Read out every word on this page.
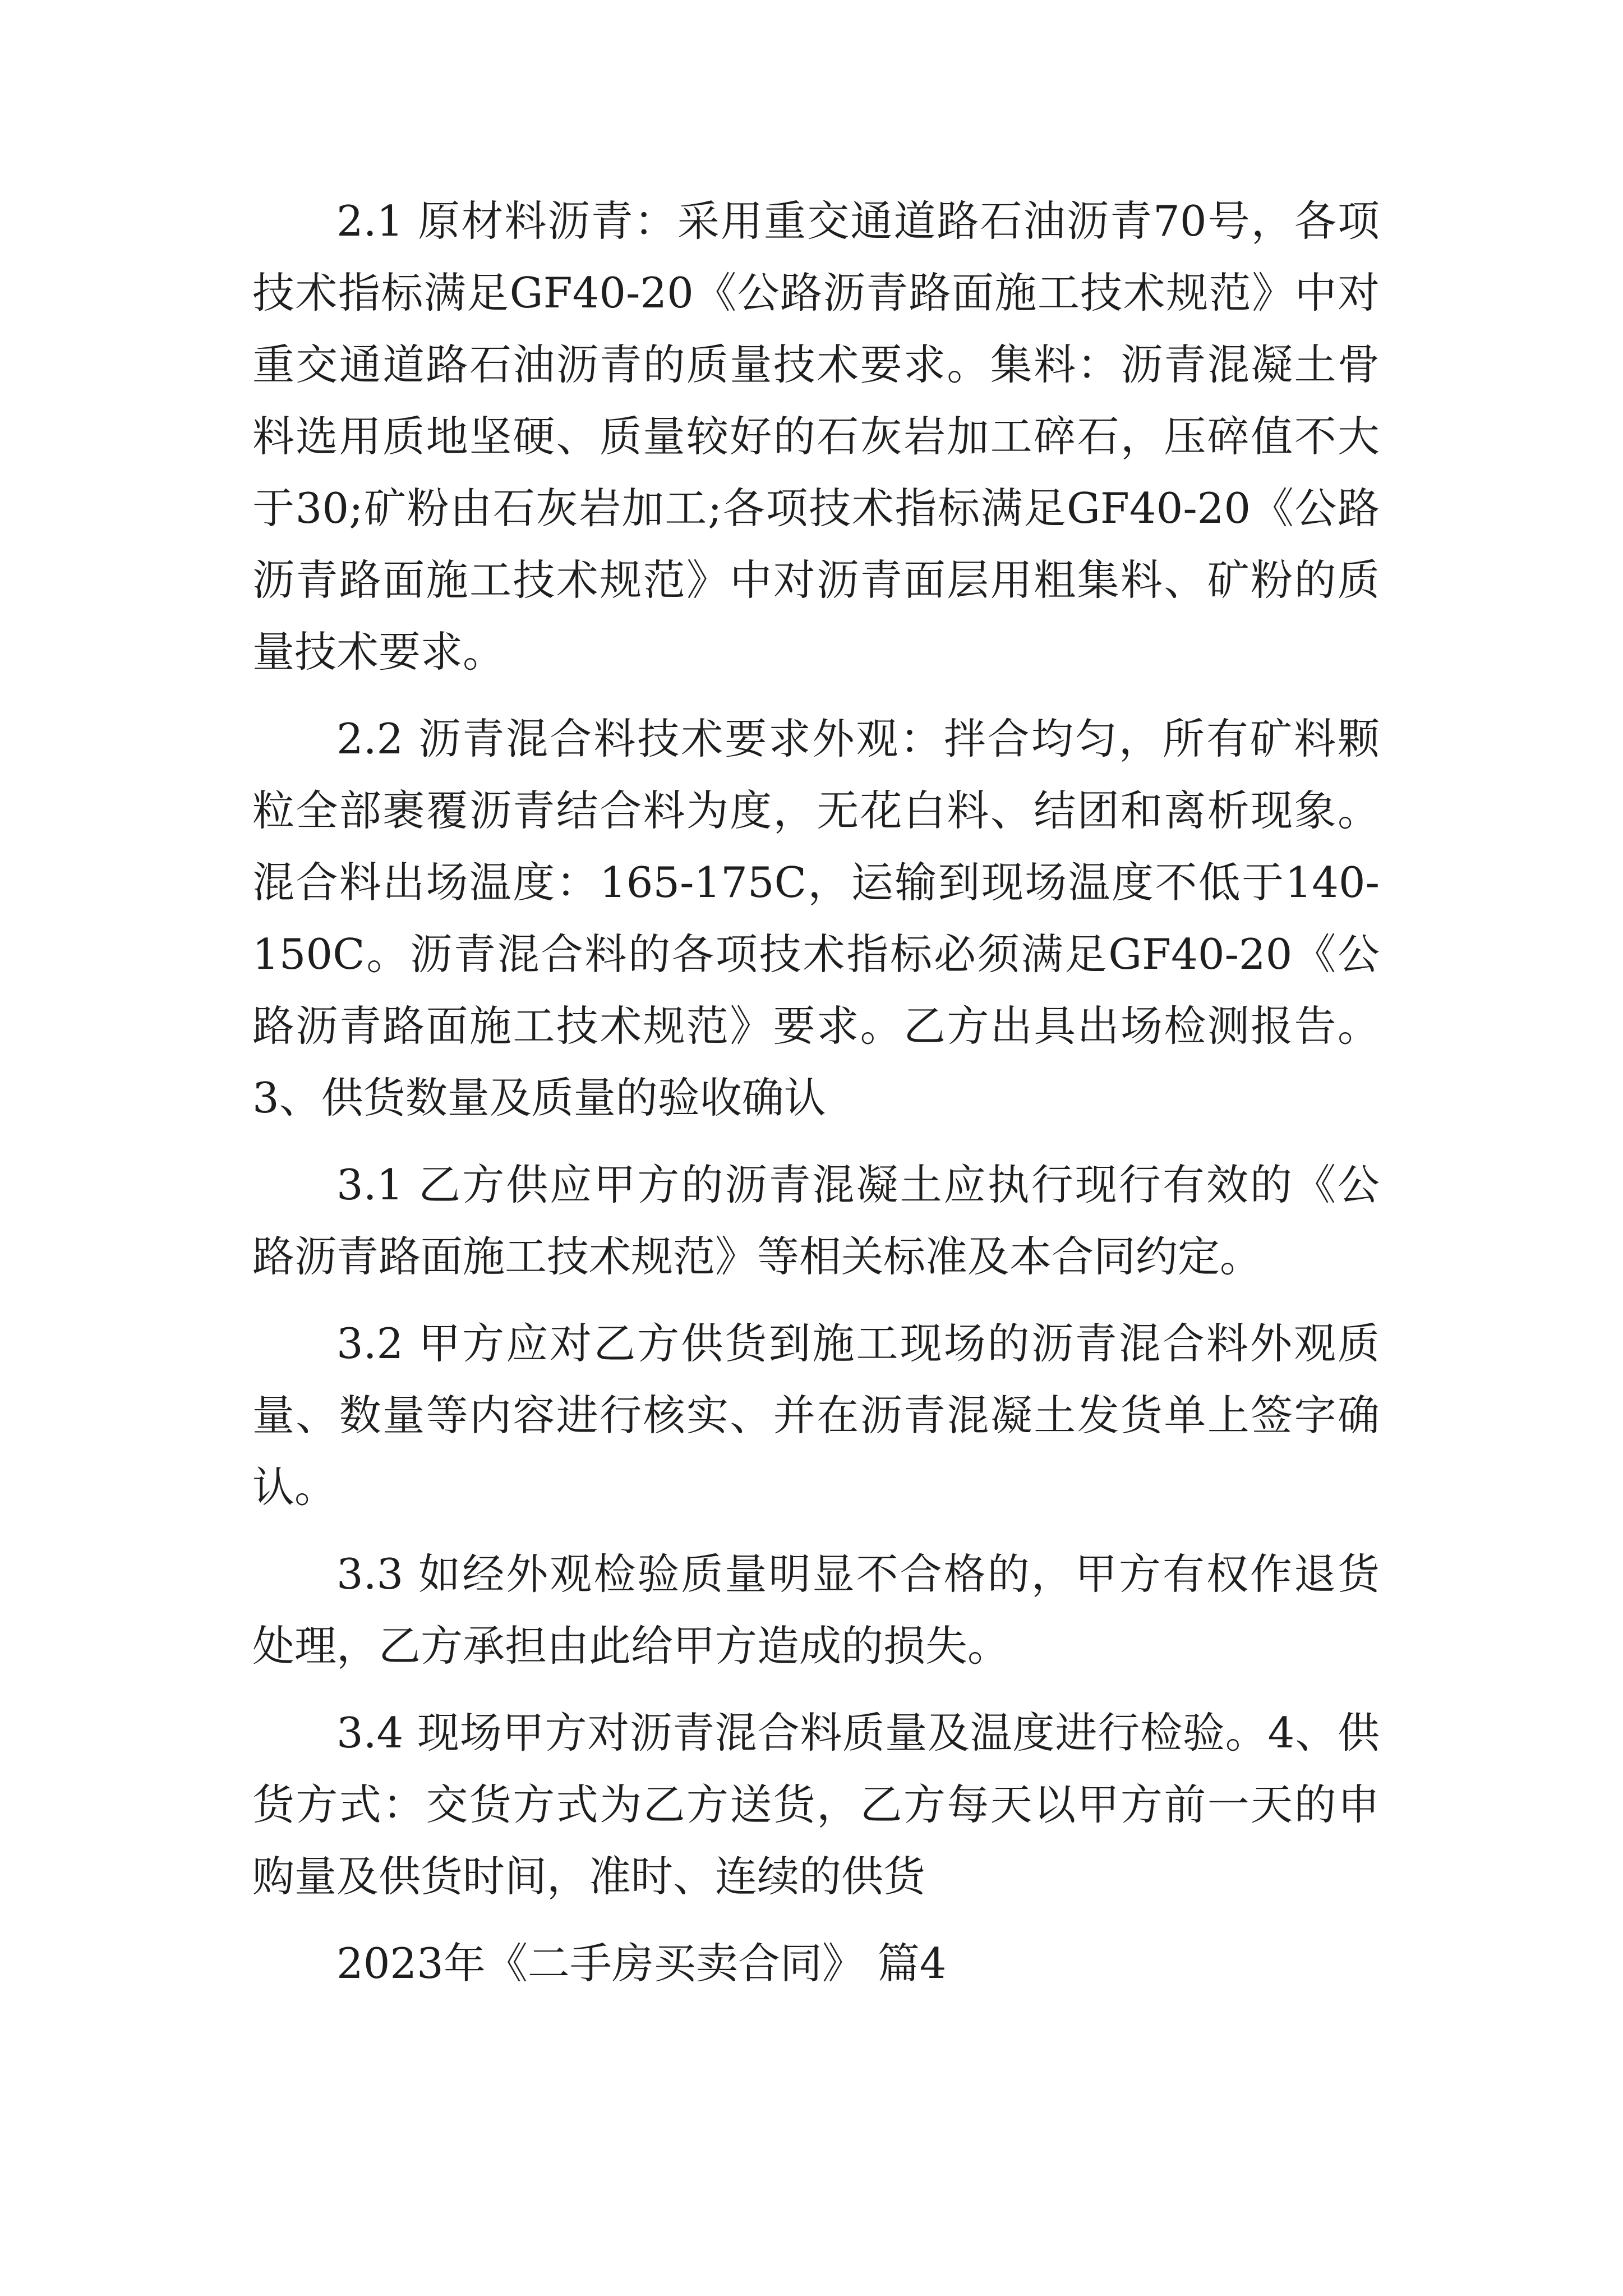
2.1 原材料沥青：采用重交通道路石油沥青70号，各项技术指标满足GF40-20《公路沥青路面施工技术规范》中对重交通道路石油沥青的质量技术要求。集料：沥青混凝土骨料选用质地坚硬、质量较好的石灰岩加工碎石，压碎值不大于30;矿粉由石灰岩加工;各项技术指标满足GF40-20《公路沥青路面施工技术规范》中对沥青面层用粗集料、矿粉的质量技术要求。

2.2 沥青混合料技术要求外观：拌合均匀，所有矿料颗粒全部裹覆沥青结合料为度，无花白料、结团和离析现象。混合料出场温度：165-175C，运输到现场温度不低于140-150C。沥青混合料的各项技术指标必须满足GF40-20《公路沥青路面施工技术规范》要求。乙方出具出场检测报告。3、供货数量及质量的验收确认

3.1 乙方供应甲方的沥青混凝土应执行现行有效的《公路沥青路面施工技术规范》等相关标准及本合同约定。

3.2 甲方应对乙方供货到施工现场的沥青混合料外观质量、数量等内容进行核实、并在沥青混凝土发货单上签字确认。

3.3 如经外观检验质量明显不合格的，甲方有权作退货处理，乙方承担由此给甲方造成的损失。

3.4 现场甲方对沥青混合料质量及温度进行检验。4、供货方式：交货方式为乙方送货，乙方每天以甲方前一天的申购量及供货时间，准时、连续的供货

2023年《二手房买卖合同》 篇4
